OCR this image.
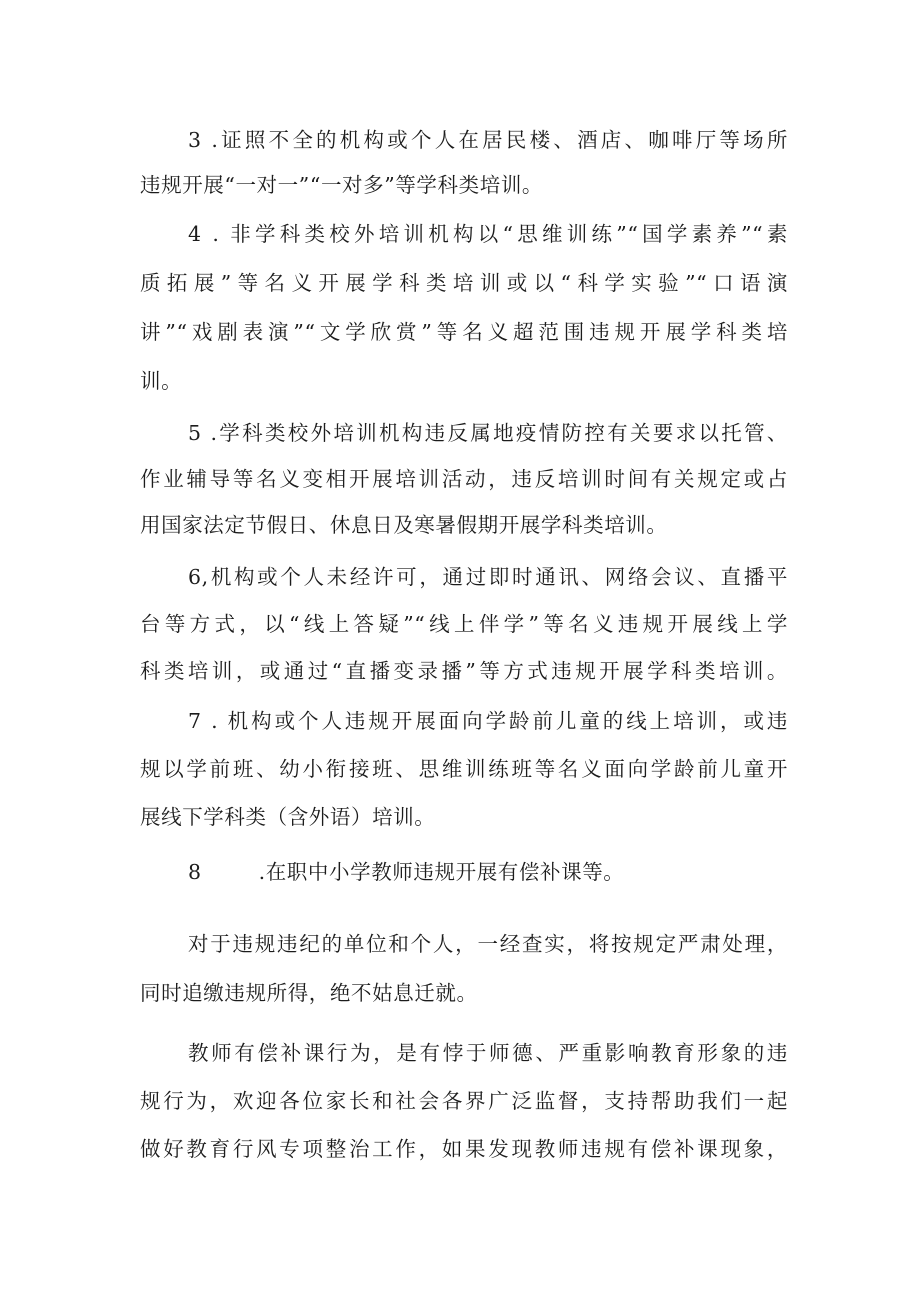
3 .证照不全的机构或个人在居民楼、酒店、咖啡厅等场所
违规开展“一对一”“一对多”等学科类培训。
4 . 非学科类校外培训机构以“思维训练”“国学素养”“素
质拓展”等名义开展学科类培训或以“科学实验”“口语演
讲”“戏剧表演”“文学欣赏”等名义超范围违规开展学科类培
训。
5 .学科类校外培训机构违反属地疫情防控有关要求以托管、
作业辅导等名义变相开展培训活动，违反培训时间有关规定或占
用国家法定节假日、休息日及寒暑假期开展学科类培训。
6,机构或个人未经许可，通过即时通讯、网络会议、直播平
台等方式，以“线上答疑”“线上伴学”等名义违规开展线上学
科类培训，或通过“直播变录播”等方式违规开展学科类培训。
7 . 机构或个人违规开展面向学龄前儿童的线上培训，或违
规以学前班、幼小衔接班、思维训练班等名义面向学龄前儿童开
展线下学科类（含外语）培训。
8        .在职中小学教师违规开展有偿补课等。
对于违规违纪的单位和个人，一经查实，将按规定严肃处理，
同时追缴违规所得，绝不姑息迁就。
教师有偿补课行为，是有悖于师德、严重影响教育形象的违
规行为，欢迎各位家长和社会各界广泛监督，支持帮助我们一起
做好教育行风专项整治工作，如果发现教师违规有偿补课现象，
